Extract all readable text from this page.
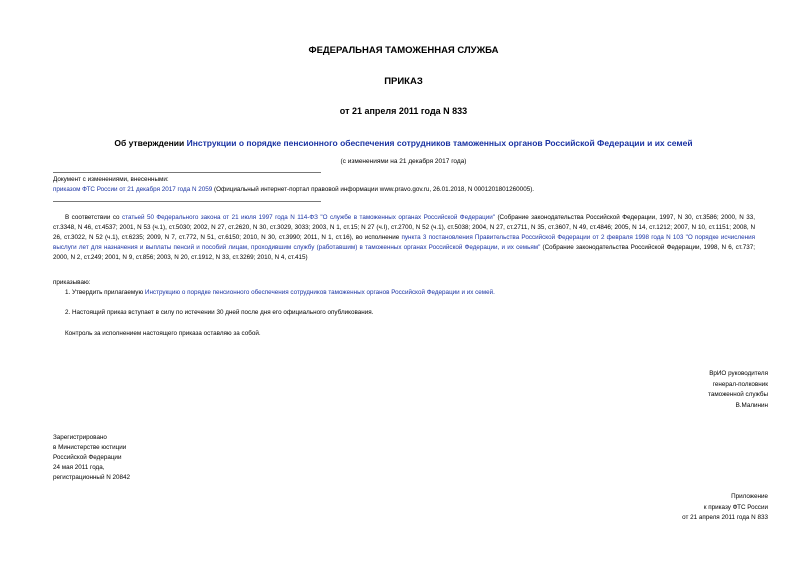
ФЕДЕРАЛЬНАЯ ТАМОЖЕННАЯ СЛУЖБА
ПРИКАЗ
от 21 апреля 2011 года N 833
Об утверждении Инструкции о порядке пенсионного обеспечения сотрудников таможенных органов Российской Федерации и их семей
(с изменениями на 21 декабря 2017 года)
Документ с изменениями, внесенными:
приказом ФТС России от 21 декабря 2017 года N 2059 (Официальный интернет-портал правовой информации www.pravo.gov.ru, 26.01.2018, N 0001201801260005).
В соответствии со статьей 50 Федерального закона от 21 июля 1997 года N 114-ФЗ "О службе в таможенных органах Российской Федерации" (Собрание законодательства Российской Федерации, 1997, N 30, ст.3586; 2000, N 33, ст.3348, N 46, ст.4537; 2001, N 53 (ч.1), ст.5030; 2002, N 27, ст.2620, N 30, ст.3029, 3033; 2003, N 1, ст.15; N 27 (ч.I), ст.2700, N 52 (ч.1), ст.5038; 2004, N 27, ст.2711, N 35, ст.3607, N 49, ст.4846; 2005, N 14, ст.1212; 2007, N 10, ст.1151; 2008, N 26, ст.3022, N 52 (ч.1), ст.6235; 2009, N 7, ст.772, N 51, ст.6150; 2010, N 30, ст.3990; 2011, N 1, ст.16), во исполнение пункта 3 постановления Правительства Российской Федерации от 2 февраля 1998 года N 103 "О порядке исчисления выслуги лет для назначения и выплаты пенсий и пособий лицам, проходившим службу (работавшим) в таможенных органах Российской Федерации, и их семьям" (Собрание законодательства Российской Федерации, 1998, N 6, ст.737; 2000, N 2, ст.249; 2001, N 9, ст.856; 2003, N 20, ст.1912, N 33, ст.3269; 2010, N 4, ст.415)
приказываю:
1. Утвердить прилагаемую Инструкцию о порядке пенсионного обеспечения сотрудников таможенных органов Российской Федерации и их семей.
2. Настоящий приказ вступает в силу по истечении 30 дней после дня его официального опубликования.
Контроль за исполнением настоящего приказа оставляю за собой.
ВрИО руководителя
генерал-полковник
таможенной службы
В.Малинин
Зарегистрировано
в Министерстве юстиции
Российской Федерации
24 мая 2011 года,
регистрационный N 20842
Приложение
к приказу ФТС России
от 21 апреля 2011 года N 833
